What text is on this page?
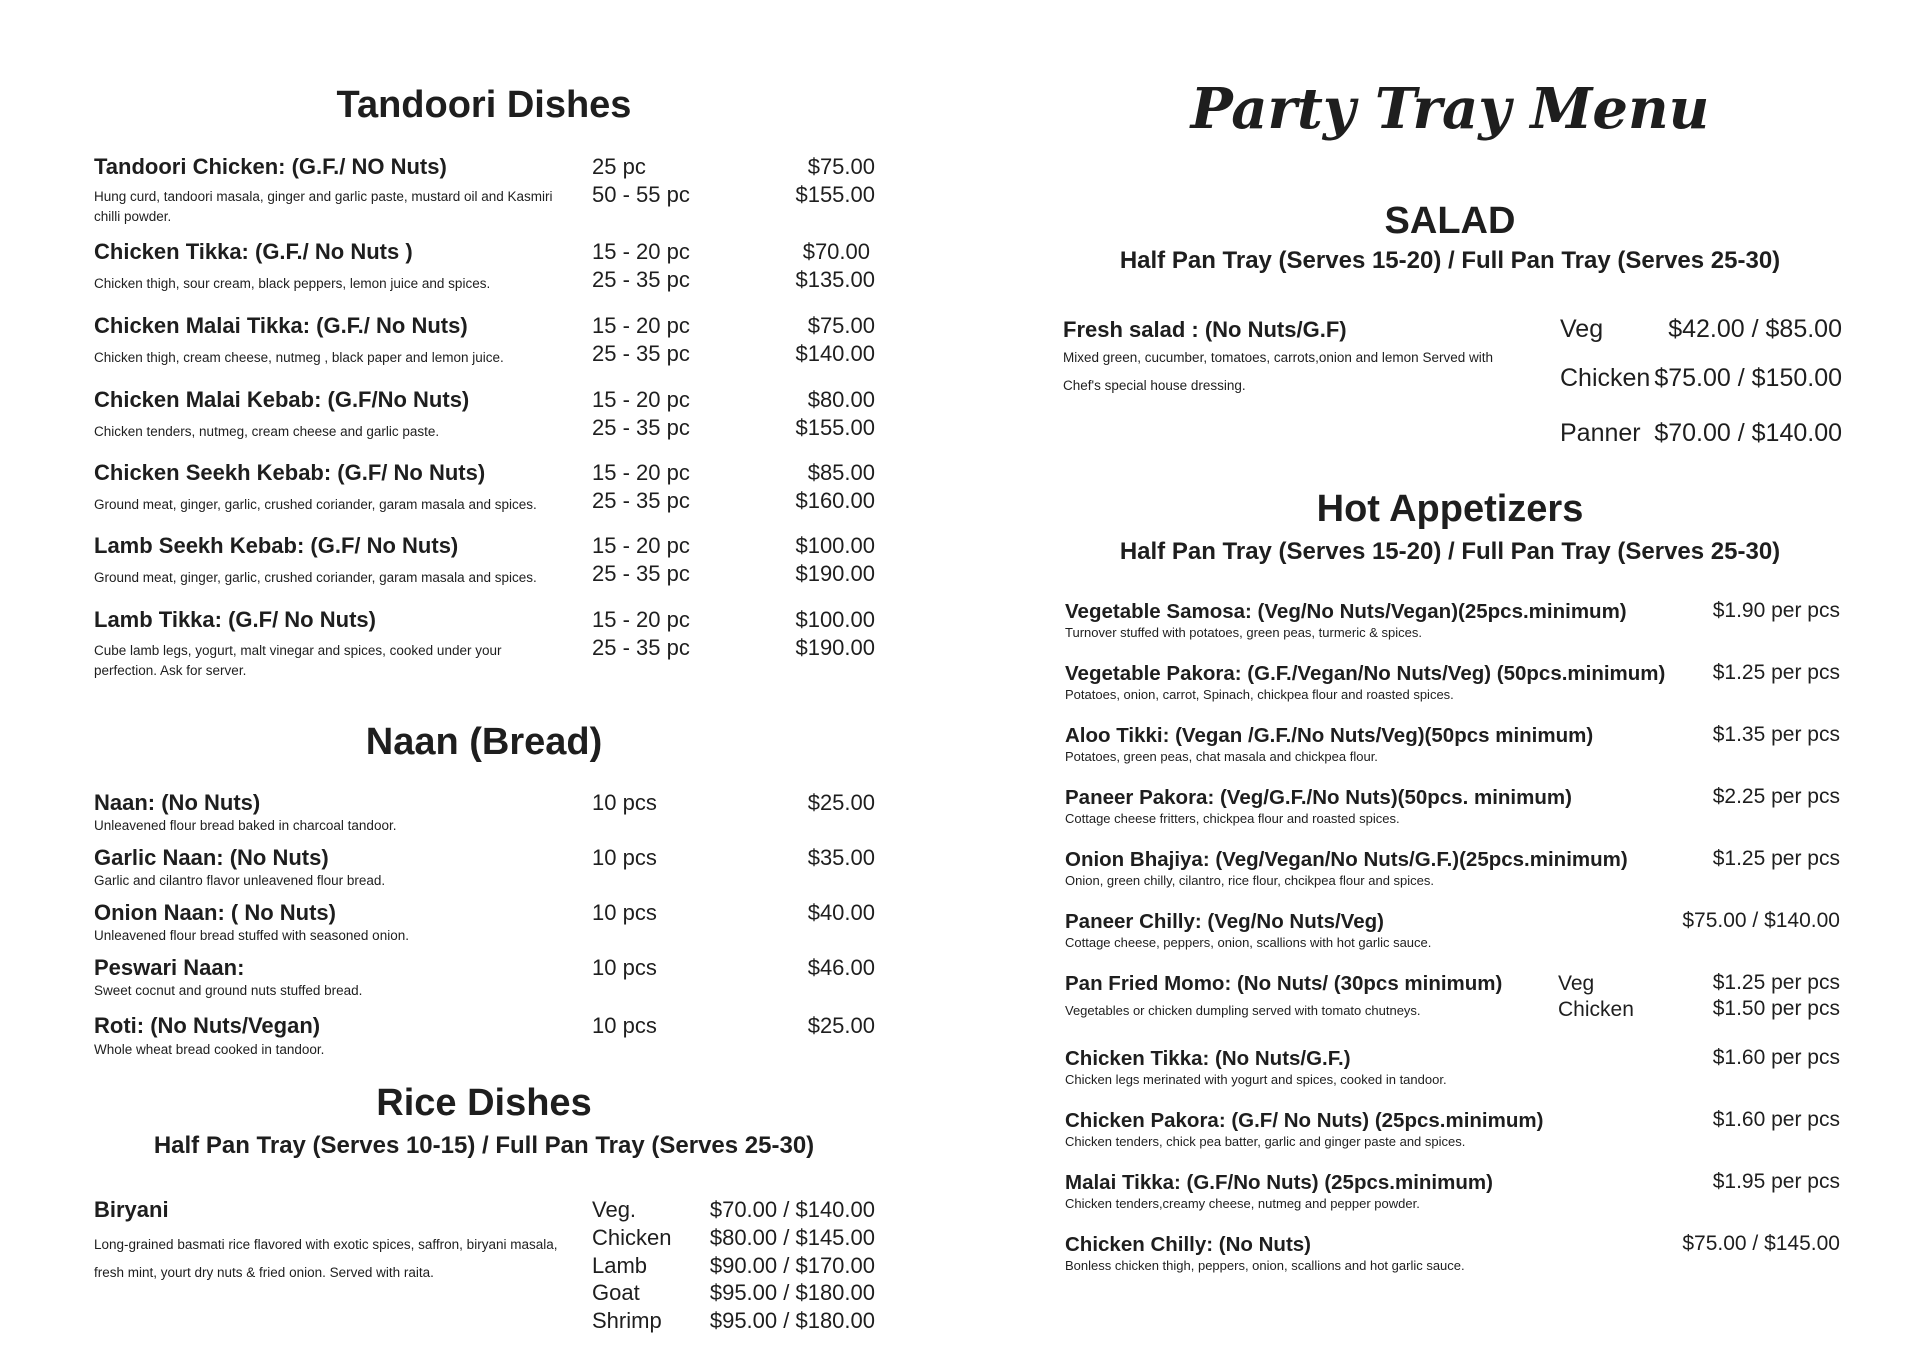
Tandoori Dishes
Tandoori Chicken: (G.F./ NO Nuts)
Hung curd, tandoori masala, ginger and garlic paste, mustard oil and Kasmiri chilli powder.
25 pc	$75.00
50 - 55 pc	$155.00
Chicken Tikka: (G.F./ No Nuts )
Chicken thigh, sour cream, black peppers, lemon juice and spices.
15 - 20 pc	$70.00
25 - 35 pc	$135.00
Chicken Malai Tikka: (G.F./ No Nuts)
Chicken thigh, cream cheese, nutmeg , black paper and lemon juice.
15 - 20 pc	$75.00
25 - 35 pc	$140.00
Chicken Malai Kebab: (G.F/No Nuts)
Chicken tenders, nutmeg, cream cheese and garlic paste.
15 - 20 pc	$80.00
25 - 35 pc	$155.00
Chicken Seekh Kebab: (G.F/ No Nuts)
Ground meat, ginger, garlic, crushed coriander, garam masala and spices.
15 - 20 pc	$85.00
25 - 35 pc	$160.00
Lamb Seekh Kebab: (G.F/ No Nuts)
Ground meat, ginger, garlic, crushed coriander, garam masala and spices.
15 - 20 pc	$100.00
25 - 35 pc	$190.00
Lamb Tikka: (G.F/ No Nuts)
Cube lamb legs, yogurt, malt vinegar and spices, cooked under your perfection. Ask for server.
15 - 20 pc	$100.00
25 - 35 pc	$190.00
Naan (Bread)
Naan: (No Nuts)
Unleavened flour bread baked in charcoal tandoor.
10 pcs	$25.00
Garlic Naan: (No Nuts)
Garlic and cilantro flavor unleavened flour bread.
10 pcs	$35.00
Onion Naan: ( No Nuts)
Unleavened flour bread stuffed with seasoned onion.
10 pcs	$40.00
Peswari Naan:
Sweet cocnut and ground nuts stuffed bread.
10 pcs	$46.00
Roti: (No Nuts/Vegan)
Whole wheat bread cooked in tandoor.
10 pcs	$25.00
Rice Dishes
Half Pan Tray (Serves 10-15) / Full Pan Tray (Serves 25-30)
Biryani
Long-grained basmati rice flavored with exotic spices, saffron, biryani masala, fresh mint, yourt dry nuts & fried onion. Served with raita.
Veg.	$70.00 / $140.00
Chicken	$80.00 / $145.00
Lamb	$90.00 / $170.00
Goat	$95.00 / $180.00
Shrimp	$95.00 / $180.00
Party Tray Menu
SALAD
Half Pan Tray (Serves 15-20) / Full Pan Tray (Serves 25-30)
Fresh salad : (No Nuts/G.F)
Mixed green, cucumber, tomatoes, carrots,onion and lemon Served with Chef's special house dressing.
Veg	$42.00 / $85.00
Chicken $75.00 / $150.00
Panner $70.00 / $140.00
Hot Appetizers
Half Pan Tray (Serves 15-20) / Full Pan Tray (Serves 25-30)
Vegetable Samosa: (Veg/No Nuts/Vegan)(25pcs.minimum)
Turnover stuffed with potatoes, green peas, turmeric & spices.
$1.90 per pcs
Vegetable Pakora: (G.F./Vegan/No Nuts/Veg) (50pcs.minimum)
Potatoes, onion, carrot, Spinach, chickpea flour and roasted spices.
$1.25 per pcs
Aloo Tikki: (Vegan /G.F./No Nuts/Veg)(50pcs minimum)
Potatoes, green peas, chat masala and chickpea flour.
$1.35 per pcs
Paneer Pakora: (Veg/G.F./No Nuts)(50pcs. minimum)
Cottage cheese fritters, chickpea flour and roasted spices.
$2.25 per pcs
Onion Bhajiya: (Veg/Vegan/No Nuts/G.F.)(25pcs.minimum)
Onion, green chilly, cilantro, rice flour, chcikpea flour and spices.
$1.25 per pcs
Paneer Chilly: (Veg/No Nuts/Veg)
Cottage cheese, peppers, onion, scallions with hot garlic sauce.
$75.00 / $140.00
Pan Fried Momo: (No Nuts/ (30pcs minimum)
Vegetables or chicken dumpling served with tomato chutneys.
Veg	$1.25 per pcs
Chicken	$1.50 per pcs
Chicken Tikka: (No Nuts/G.F.)
Chicken legs merinated with yogurt and spices, cooked in tandoor.
$1.60 per pcs
Chicken Pakora: (G.F/ No Nuts) (25pcs.minimum)
Chicken tenders, chick pea batter, garlic and ginger paste and spices.
$1.60 per pcs
Malai Tikka: (G.F/No Nuts) (25pcs.minimum)
Chicken tenders,creamy cheese, nutmeg and pepper powder.
$1.95 per pcs
Chicken Chilly: (No Nuts)
Bonless chicken thigh, peppers, onion, scallions and hot garlic sauce.
$75.00 / $145.00
